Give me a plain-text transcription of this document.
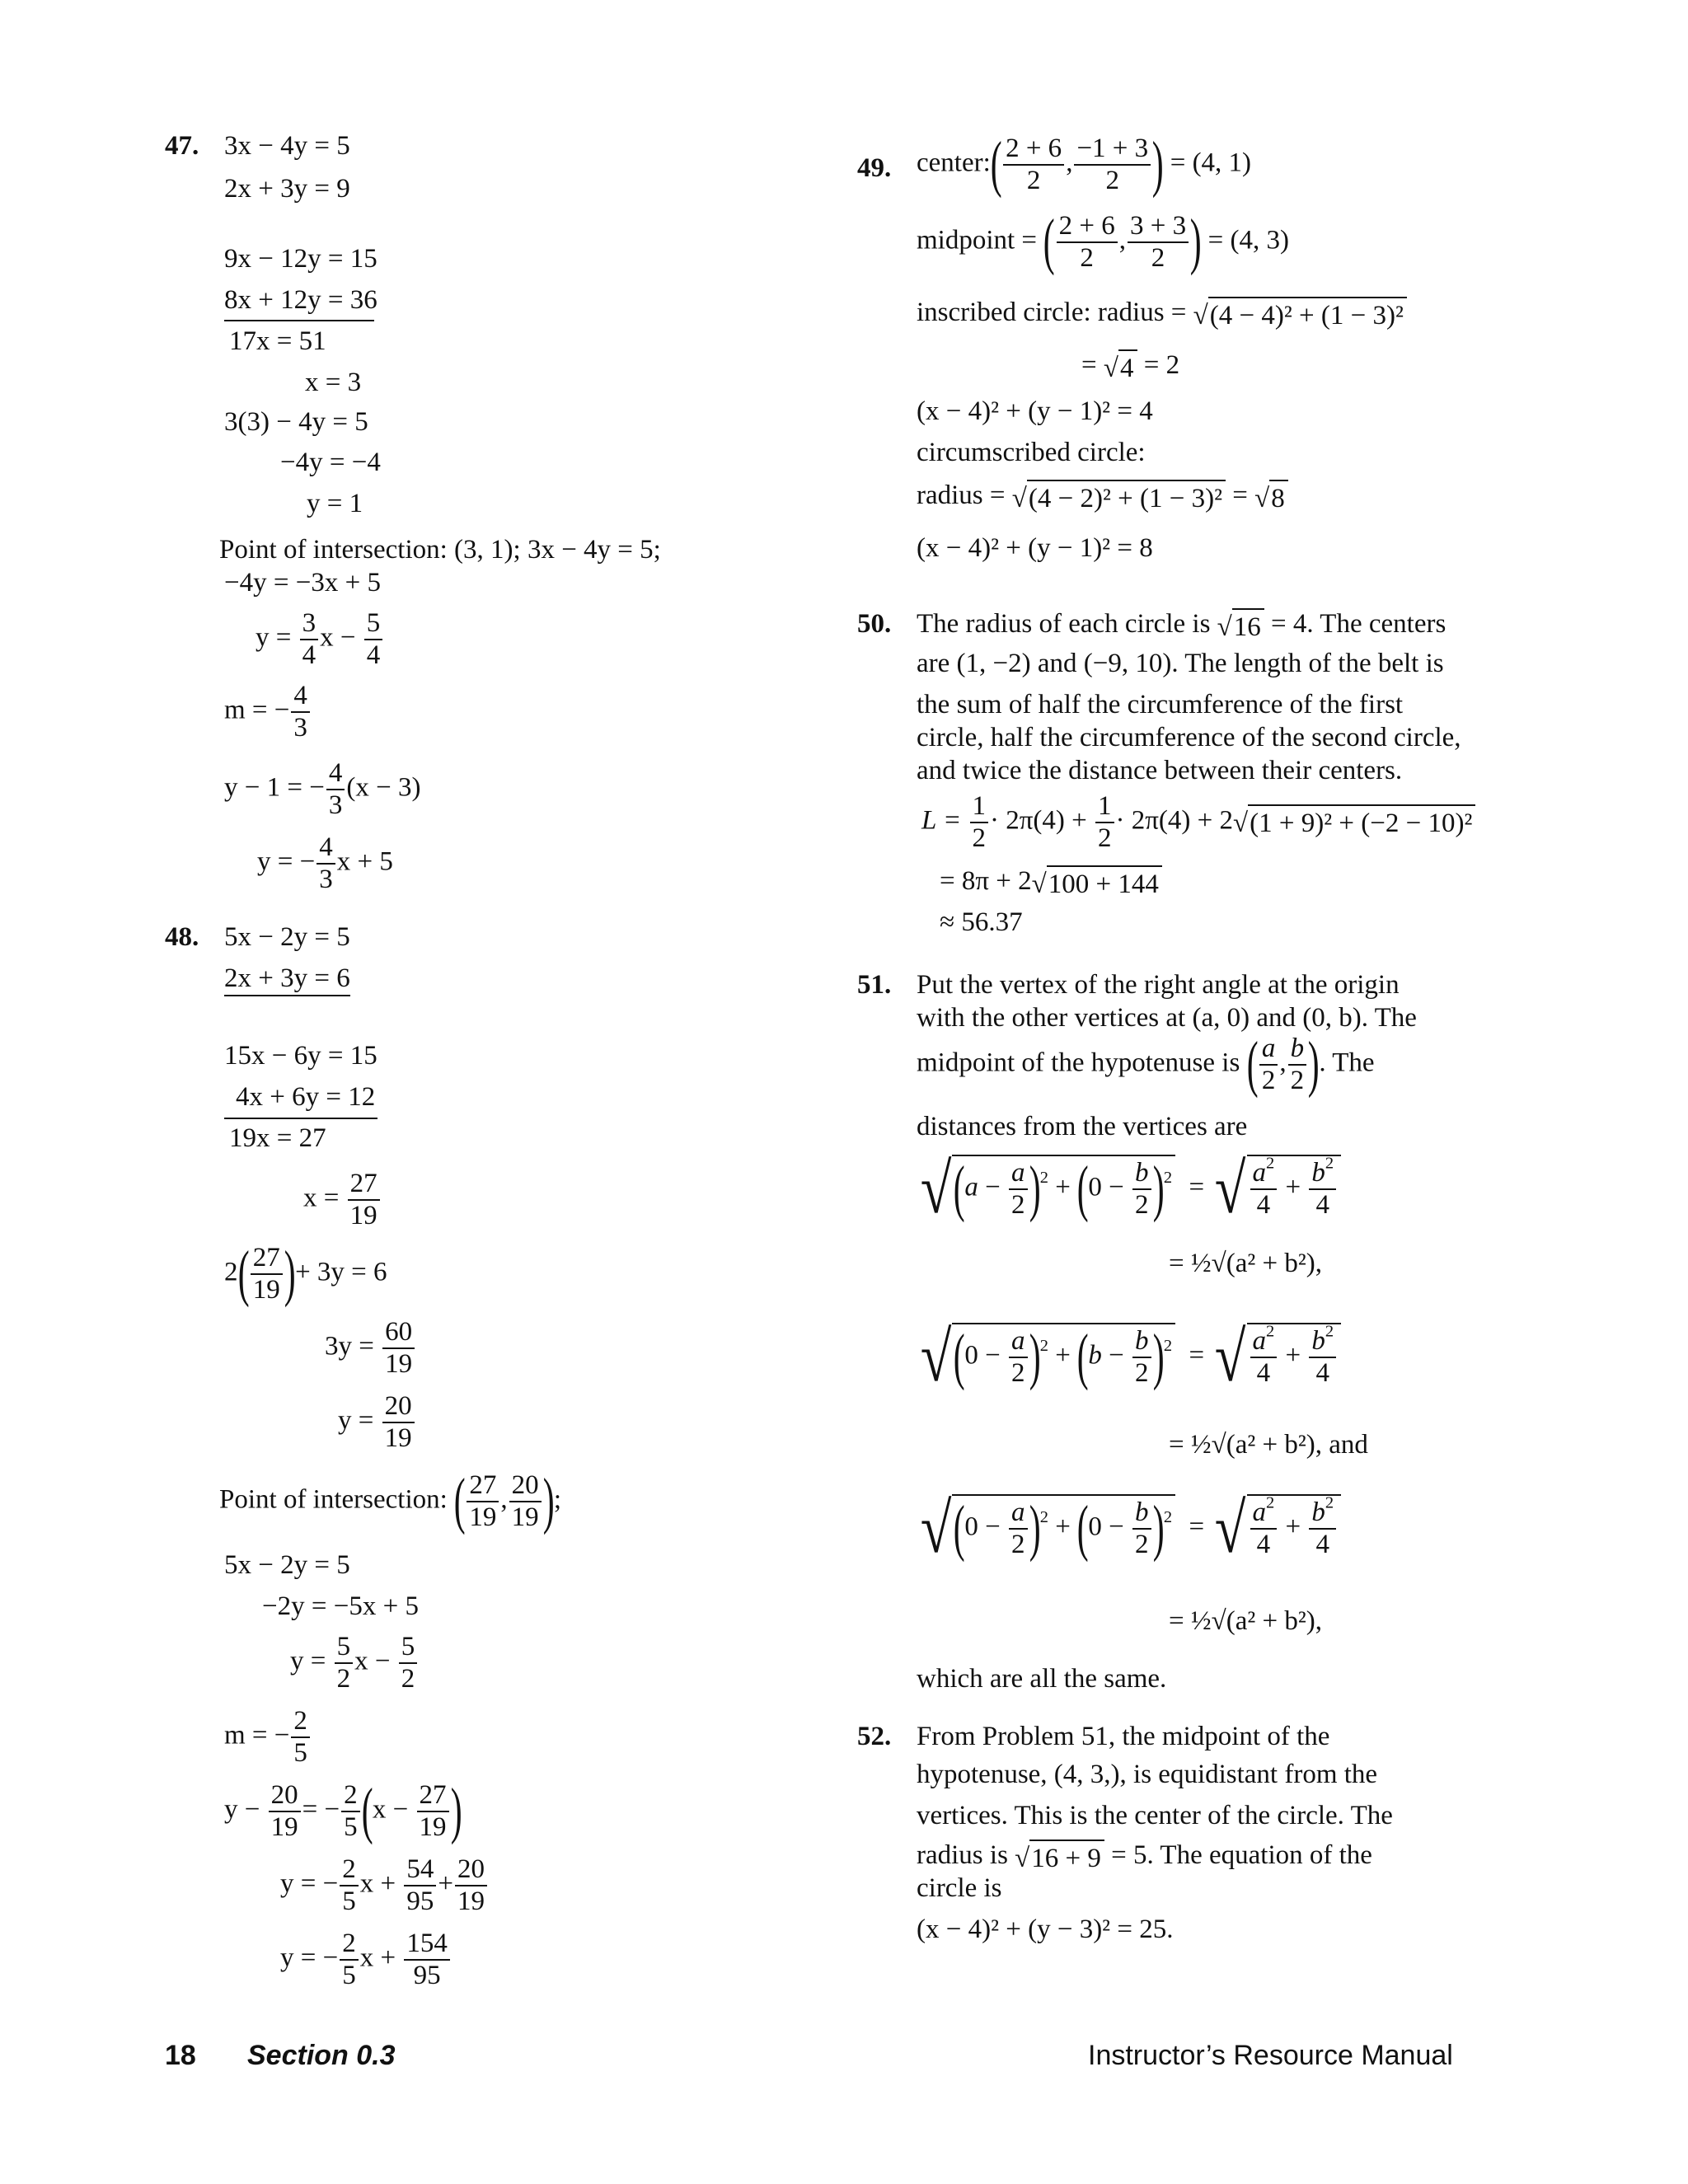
47. 3x − 4y = 5
2x + 3y = 9
9x − 12y = 15
8x + 12y = 36
17x = 51
x = 3
3(3) − 4y = 5
−4y = −4
y = 1
Point of intersection: (3, 1); 3x − 4y = 5;
−4y = −3x + 5
$y = \frac{3}{4}$ $x - \frac{5}{4}$
m = − $\frac{4}{3}$
y − 1 = − $\frac{4}{3} (x - 3)$
y = − $\frac{4}{3}$ x + 5
48. 5x − 2y = 5
2x + 3y = 6
15x − 6y = 15
4x + 6y = 12
19x = 27
$x = \frac{27}{19}$
$2( \frac{27}{19}$ )+ 3y = 6
$3y = \frac{60}{19}$
$y = \frac{20}{19}$
Point of intersection: ( $\frac{27}{19}$ , $\frac{20}{19}$ );
5x − 2y = 5
−2y = −5x + 5
$y = \frac{5}{2}$ $x - \frac{5}{2}$
m = − $\frac{2}{5}$
$y - \frac{20}{19}$ = − $\frac{2}{5} (x - \frac{27}{19}$ )
y = − $\frac{2}{5}$ $x + \frac{54}{95} + \frac{20}{19}$
y = − $\frac{2}{5}$ $x + \frac{154}{95}$
49. center:( $\frac{2 + 6}{2}$ , $\frac{-1 + 3}{2}$ ) = (4, 1)
midpoint = ( $\frac{2 + 6}{2}$ , $\frac{3 + 3}{2}$ ) = (4, 3)
inscribed circle: radius = √(4 − 4)² + (1 − 3)²
= √4 = 2
(x − 4)² + (y − 1)² = 4
circumscribed circle:
radius = √(4 − 2)² + (1 − 3)² = √8
(x − 4)² + (y − 1)² = 8
50. The radius of each circle is √16 = 4. The centers
are (1, −2) and (−9, 10). The length of the belt is
the sum of half the circumference of the first
circle, half the circumference of the second circle,
and twice the distance between their centers.
$L = \frac{1}{2} \cdot 2\pi(4) + \frac{1}{2} \cdot 2\pi(4) + 2√(1 + 9)^2 + (-2 - 10)^2$
= 8π + 2√100 + 144
≈ 56.37
51. Put the vertex of the right angle at the origin
with the other vertices at (a, 0) and (0, b). The
midpoint of the hypotenuse is ( $\frac{a}{2}$ , $\frac{b}{2}$ ). The
distances from the vertices are
$√(a - \frac{a}{2} )^2 + (0 - \frac{b}{2} )^2$  = √ $\frac{a^2}{4} + \frac{b^2}{4}$
= ½√(a² + b²),
$√(0 - \frac{a}{2} )^2 + (b - \frac{b}{2} )^2$  = √ $\frac{a^2}{4} + \frac{b^2}{4}$
= ½√(a² + b²), and
$√(0 - \frac{a}{2} )^2 + (0 - \frac{b}{2} )^2$  = √ $\frac{a^2}{4} + \frac{b^2}{4}$
= ½√(a² + b²),
which are all the same.
52. From Problem 51, the midpoint of the
hypotenuse, (4, 3,), is equidistant from the
vertices. This is the center of the circle. The
radius is √16 + 9 = 5. The equation of the
circle is
(x − 4)² + (y − 3)² = 25.
18 Section 0.3	Instructor’s Resource Manual
